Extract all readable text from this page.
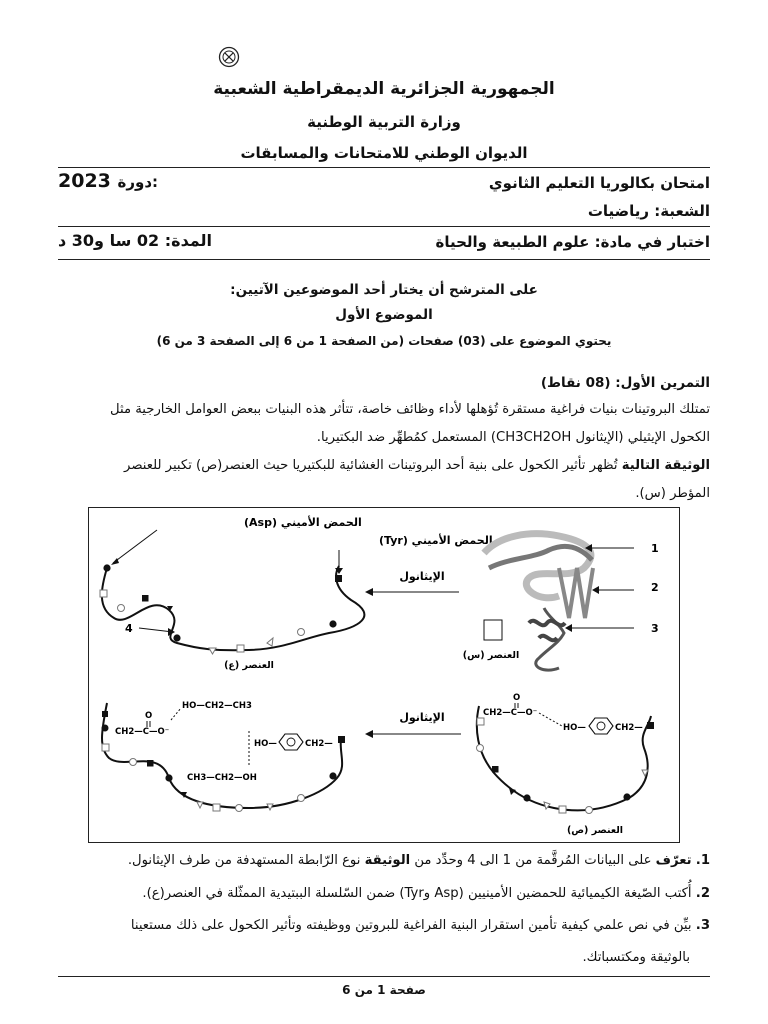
الجمهورية الجزائرية الديمقراطية الشعبية
وزارة التربية الوطنية
الديوان الوطني للامتحانات والمسابقات
امتحان بكالوريا التعليم الثانوي
2023 دورة:
الشعبة: رياضيات
اختبار في مادة: علوم الطبيعة والحياة
المدة: 02 سا و30 د
على المترشح أن يختار أحد الموضوعين الآتيين:
الموضوع الأول
يحتوي الموضوع على (03) صفحات (من الصفحة 1 من 6 إلى الصفحة 3 من 6)
التمرين الأول: (08 نقاط)
تمتلك البروتينات بنيات فراغية مستقرة تُؤهلها لأداء وظائف خاصة، تتأثر هذه البنيات ببعض العوامل الخارجية مثل
الكحول الإيثيلي (الإيثانول CH3CH2OH) المستعمل كمُطهِّر ضد البكتيريا.
الوثيقة التالية تُظهر تأثير الكحول على بنية أحد البروتينات الغشائية للبكتيريا حيث العنصر(ص) تكبير للعنصر
المؤطر (س).
الحمض الأميني (Asp)
الحمض الأميني (Tyr)
4
العنصر (ع)
الإيثانول
العنصر (س)
1
2
3
CH2—C—O⁻
O
HO—CH2—CH3
CH3—CH2—OH
HO—	CH2—
الإيثانول	CH2—C—O⁻
O
HO—	CH2—
العنصر (ص)
1. تعرّف على البيانات المُرقَّمة من 1 الى 4 وحدِّد من الوثيقة نوع الرّابطة المستهدفة من طرف الإيثانول.
2. أُكتب الصّيغة الكيميائية للحمضين الأمينيين (Asp وTyr) ضمن السّلسلة الببتيدية الممثّلة في العنصر(ع).
3. بيِّن في نص علمي كيفية تأمين استقرار البنية الفراغية للبروتين ووظيفته وتأثير الكحول على ذلك مستعينا
بالوثيقة ومكتسباتك.
صفحة 1 من 6
